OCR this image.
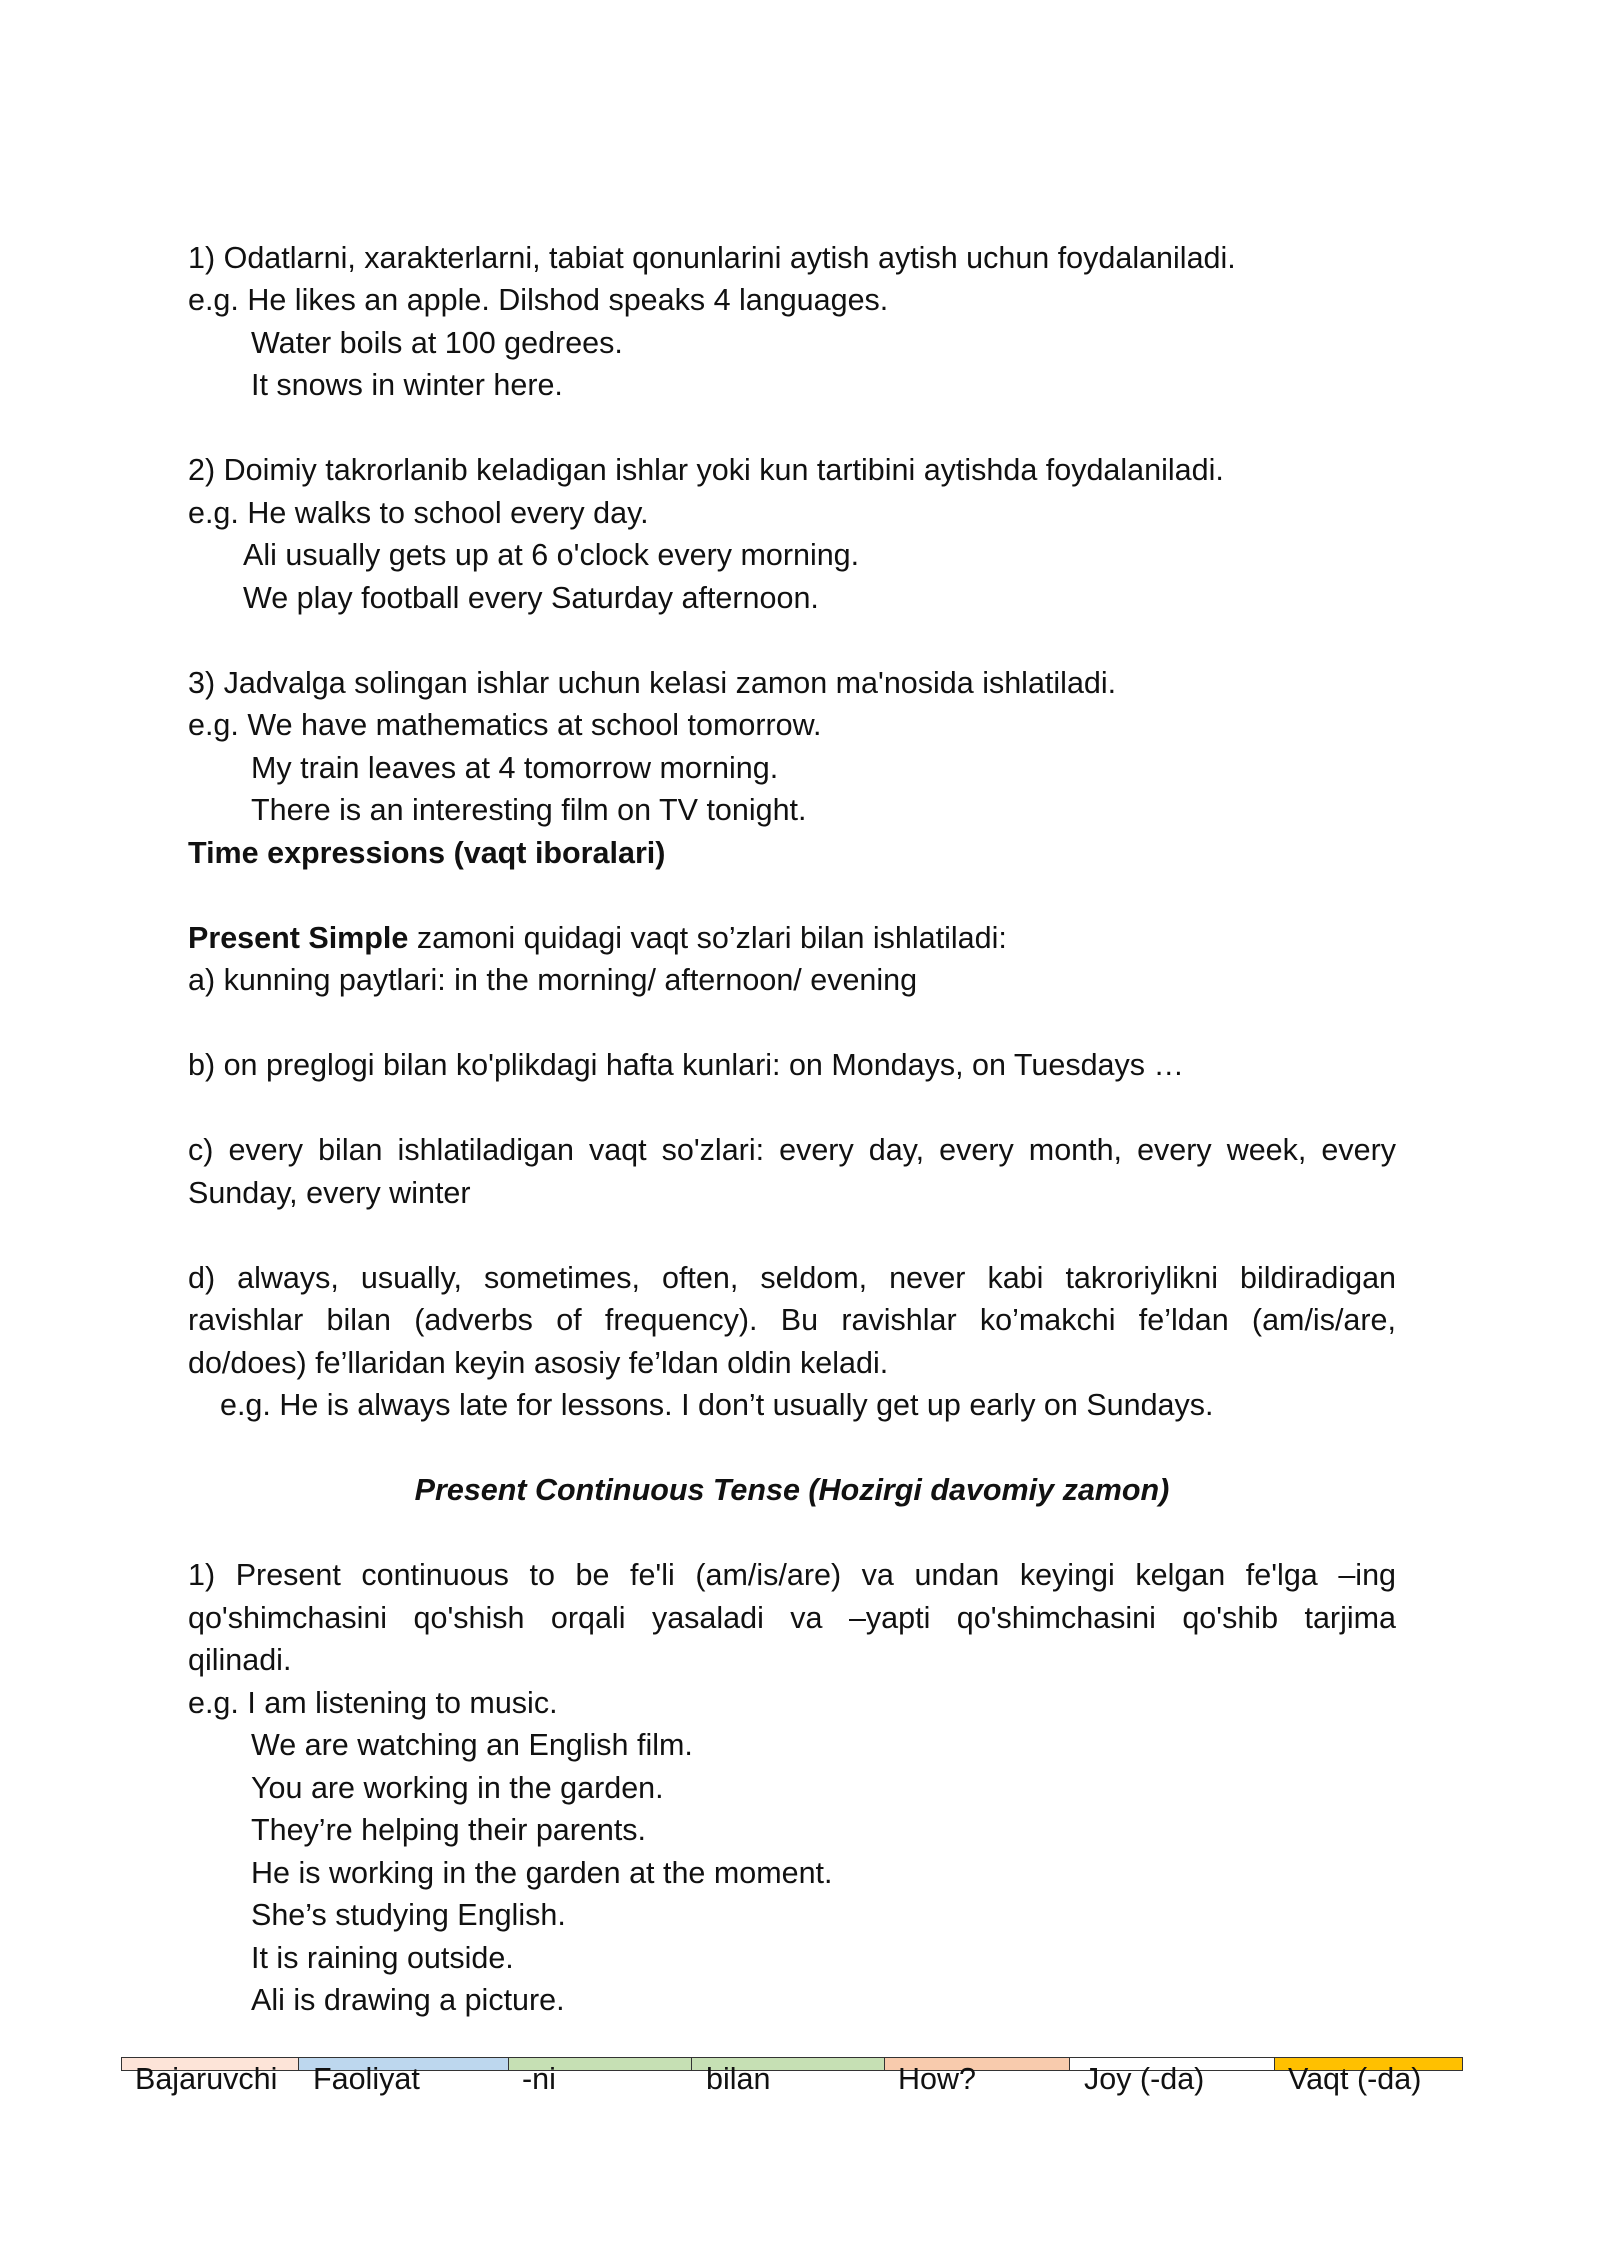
1) Odatlarni, xarakterlarni, tabiat qonunlarini aytish aytish uchun foydalaniladi.
e.g. He likes an apple. Dilshod speaks 4 languages.
Water boils at 100 gedrees.
It snows in winter here.
2) Doimiy takrorlanib keladigan ishlar yoki kun tartibini aytishda foydalaniladi.
e.g. He walks to school every day.
Ali usually gets up at 6 o'clock every morning.
We play football every Saturday afternoon.
3) Jadvalga solingan ishlar uchun kelasi zamon ma'nosida ishlatiladi.
e.g. We have mathematics at school tomorrow.
My train leaves at 4 tomorrow morning.
There is an interesting film on TV tonight.
Time expressions (vaqt iboralari)
Present Simple zamoni quidagi vaqt so’zlari bilan ishlatiladi:
a) kunning paytlari: in the morning/ afternoon/ evening
b) on preglogi bilan ko'plikdagi hafta kunlari: on Mondays, on Tuesdays …
c) every bilan ishlatiladigan vaqt so'zlari: every day, every month, every week, every
Sunday, every winter
d) always, usually, sometimes, often, seldom, never kabi takroriylikni bildiradigan
ravishlar bilan (adverbs of frequency). Bu ravishlar ko’makchi fe’ldan (am/is/are,
do/does) fe’llaridan keyin asosiy fe’ldan oldin keladi.
e.g. He is always late for lessons. I don’t usually get up early on Sundays.
Present Continuous Tense (Hozirgi davomiy zamon)
1) Present continuous to be fe'li (am/is/are) va undan keyingi kelgan fe'lga –ing
qo'shimchasini qo'shish orqali yasaladi va –yapti qo'shimchasini qo'shib tarjima
qilinadi.
e.g. I am listening to music.
We are watching an English film.
You are working in the garden.
They’re helping their parents.
He is working in the garden at the moment.
She’s studying English.
It is raining outside.
Ali is drawing a picture.
Bajaruvchi Faoliyat	-ni	bilan	How?	Joy (-da)	Vaqt (-da)
